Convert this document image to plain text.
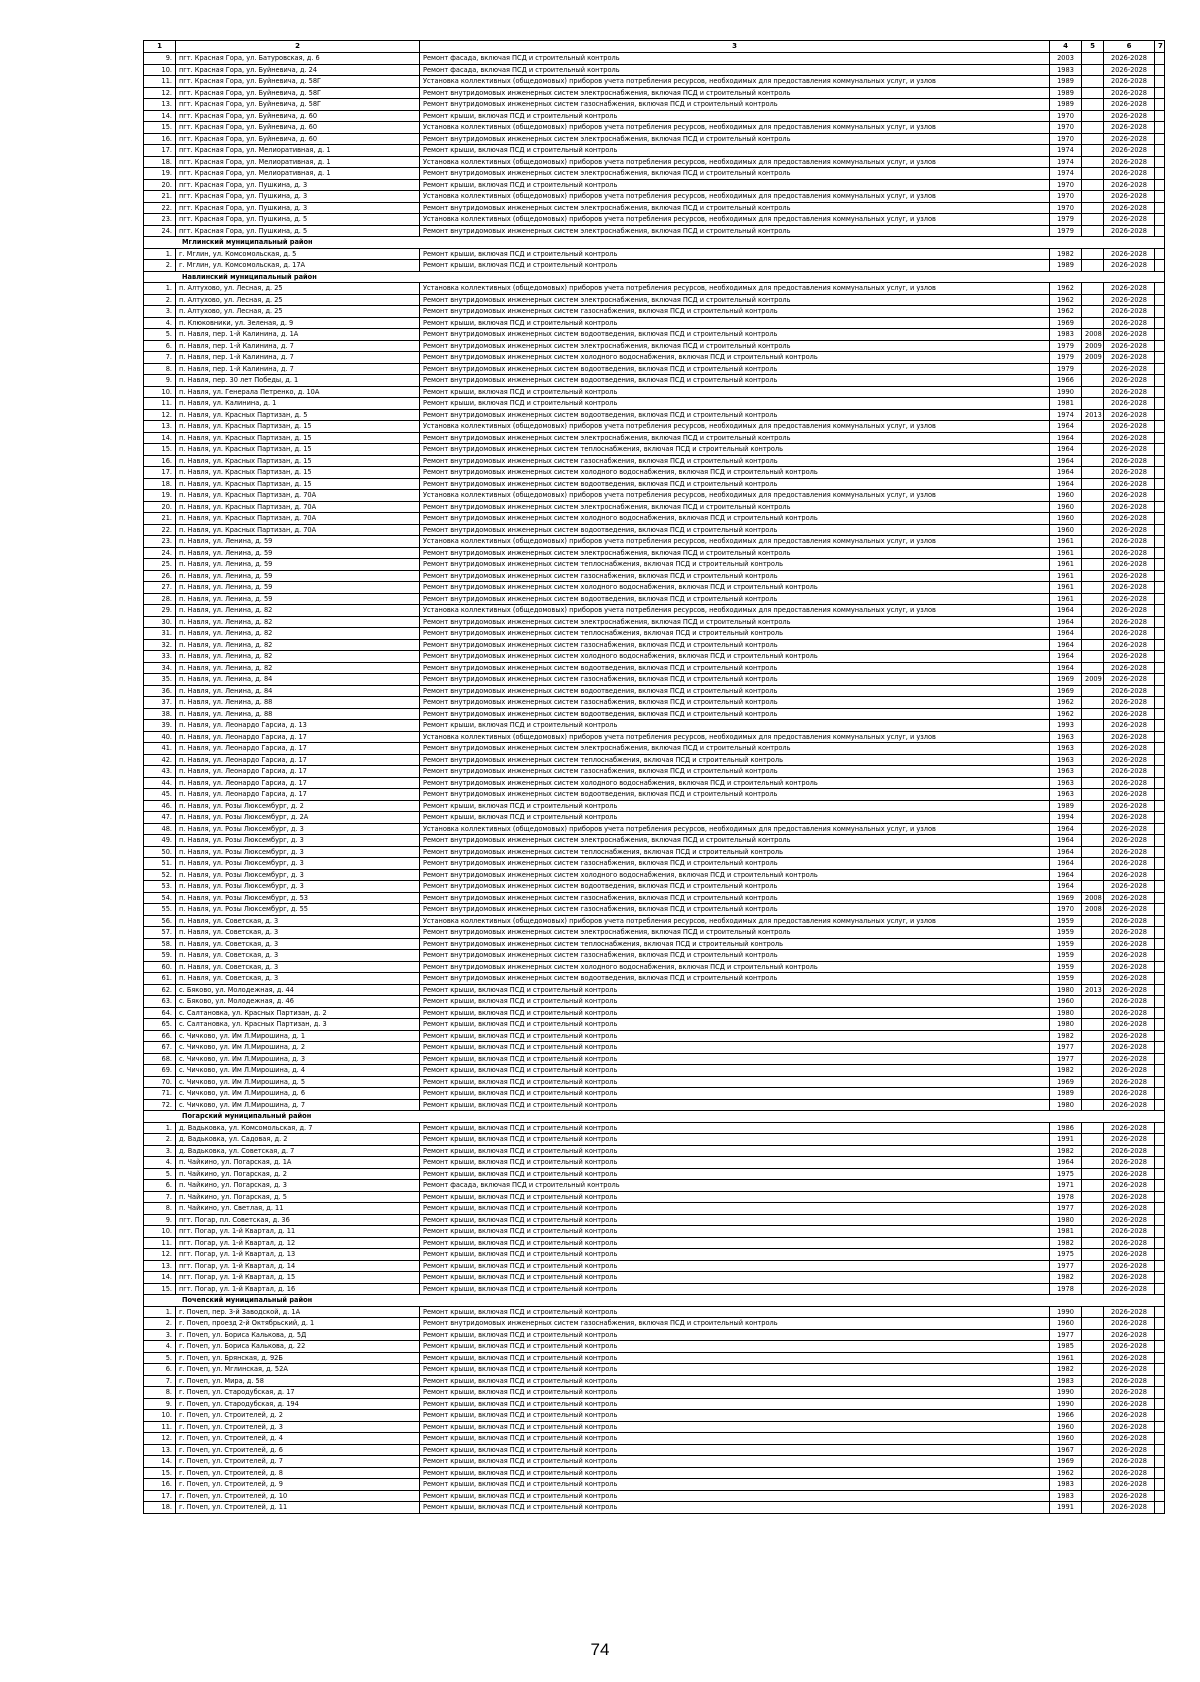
1	2	3	4	5	6	7
9.	пгт. Красная Гора, ул. Батуровская, д. 6	Ремонт фасада, включая ПСД и строительный контроль	2003		2026-2028	
10.	пгт. Красная Гора, ул. Буйневича, д. 24	Ремонт фасада, включая ПСД и строительный контроль	1983		2026-2028	
11.	пгт. Красная Гора, ул. Буйневича, д. 58Г	Установка коллективных (общедомовых) приборов учета потребления ресурсов, необходимых для предоставления коммунальных услуг, и узлов	1989		2026-2028	
12.	пгт. Красная Гора, ул. Буйневича, д. 58Г	Ремонт внутридомовых инженерных систем электроснабжения, включая ПСД и строительный контроль	1989		2026-2028	
13.	пгт. Красная Гора, ул. Буйневича, д. 58Г	Ремонт внутридомовых инженерных систем газоснабжения, включая ПСД и строительный контроль	1989		2026-2028	
14.	пгт. Красная Гора, ул. Буйневича, д. 60	Ремонт крыши, включая ПСД и строительный контроль	1970		2026-2028	
15.	пгт. Красная Гора, ул. Буйневича, д. 60	Установка коллективных (общедомовых) приборов учета потребления ресурсов, необходимых для предоставления коммунальных услуг, и узлов	1970		2026-2028	
16.	пгт. Красная Гора, ул. Буйневича, д. 60	Ремонт внутридомовых инженерных систем электроснабжения, включая ПСД и строительный контроль	1970		2026-2028	
17.	пгт. Красная Гора, ул. Мелиоративная, д. 1	Ремонт крыши, включая ПСД и строительный контроль	1974		2026-2028	
18.	пгт. Красная Гора, ул. Мелиоративная, д. 1	Установка коллективных (общедомовых) приборов учета потребления ресурсов, необходимых для предоставления коммунальных услуг, и узлов	1974		2026-2028	
19.	пгт. Красная Гора, ул. Мелиоративная, д. 1	Ремонт внутридомовых инженерных систем электроснабжения, включая ПСД и строительный контроль	1974		2026-2028	
20.	пгт. Красная Гора, ул. Пушкина, д. 3	Ремонт крыши, включая ПСД и строительный контроль	1970		2026-2028	
21.	пгт. Красная Гора, ул. Пушкина, д. 3	Установка коллективных (общедомовых) приборов учета потребления ресурсов, необходимых для предоставления коммунальных услуг, и узлов	1970		2026-2028	
22.	пгт. Красная Гора, ул. Пушкина, д. 3	Ремонт внутридомовых инженерных систем электроснабжения, включая ПСД и строительный контроль	1970		2026-2028	
23.	пгт. Красная Гора, ул. Пушкина, д. 5	Установка коллективных (общедомовых) приборов учета потребления ресурсов, необходимых для предоставления коммунальных услуг, и узлов	1979		2026-2028	
24.	пгт. Красная Гора, ул. Пушкина, д. 5	Ремонт внутридомовых инженерных систем электроснабжения, включая ПСД и строительный контроль	1979		2026-2028	
Мглинский муниципальный район						
1.	г. Мглин, ул. Комсомольская, д. 5	Ремонт крыши, включая ПСД и строительный контроль	1982		2026-2028	
2.	г. Мглин, ул. Комсомольская, д. 17А	Ремонт крыши, включая ПСД и строительный контроль	1989		2026-2028	
Навлинский муниципальный район						
1.	п. Алтухово, ул. Лесная, д. 25	Установка коллективных (общедомовых) приборов учета потребления ресурсов, необходимых для предоставления коммунальных услуг, и узлов	1962		2026-2028	
2.	п. Алтухово, ул. Лесная, д. 25	Ремонт внутридомовых инженерных систем электроснабжения, включая ПСД и строительный контроль	1962		2026-2028	
3.	п. Алтухово, ул. Лесная, д. 25	Ремонт внутридомовых инженерных систем газоснабжения, включая ПСД и строительный контроль	1962		2026-2028	
4.	п. Клюковники, ул. Зеленая, д. 9	Ремонт крыши, включая ПСД и строительный контроль	1969		2026-2028	
5.	п. Навля, пер. 1-й Калинина, д. 1А	Ремонт внутридомовых инженерных систем водоотведения, включая ПСД и строительный контроль	1983	2008	2026-2028	
6.	п. Навля, пер. 1-й Калинина, д. 7	Ремонт внутридомовых инженерных систем электроснабжения, включая ПСД и строительный контроль	1979	2009	2026-2028	
7.	п. Навля, пер. 1-й Калинина, д. 7	Ремонт внутридомовых инженерных систем холодного водоснабжения, включая ПСД и строительный контроль	1979	2009	2026-2028	
8.	п. Навля, пер. 1-й Калинина, д. 7	Ремонт внутридомовых инженерных систем водоотведения, включая ПСД и строительный контроль	1979		2026-2028	
9.	п. Навля, пер. 30 лет Победы, д. 1	Ремонт внутридомовых инженерных систем водоотведения, включая ПСД и строительный контроль	1966		2026-2028	
10.	п. Навля, ул. Генерала Петренко, д. 10А	Ремонт крыши, включая ПСД и строительный контроль	1990		2026-2028	
11.	п. Навля, ул. Калинина, д. 1	Ремонт крыши, включая ПСД и строительный контроль	1981		2026-2028	
12.	п. Навля, ул. Красных Партизан, д. 5	Ремонт внутридомовых инженерных систем водоотведения, включая ПСД и строительный контроль	1974	2013	2026-2028	
13.	п. Навля, ул. Красных Партизан, д. 15	Установка коллективных (общедомовых) приборов учета потребления ресурсов, необходимых для предоставления коммунальных услуг, и узлов	1964		2026-2028	
14.	п. Навля, ул. Красных Партизан, д. 15	Ремонт внутридомовых инженерных систем электроснабжения, включая ПСД и строительный контроль	1964		2026-2028	
15.	п. Навля, ул. Красных Партизан, д. 15	Ремонт внутридомовых инженерных систем теплоснабжения, включая ПСД и строительный контроль	1964		2026-2028	
16.	п. Навля, ул. Красных Партизан, д. 15	Ремонт внутридомовых инженерных систем газоснабжения, включая ПСД и строительный контроль	1964		2026-2028	
17.	п. Навля, ул. Красных Партизан, д. 15	Ремонт внутридомовых инженерных систем холодного водоснабжения, включая ПСД и строительный контроль	1964		2026-2028	
18.	п. Навля, ул. Красных Партизан, д. 15	Ремонт внутридомовых инженерных систем водоотведения, включая ПСД и строительный контроль	1964		2026-2028	
19.	п. Навля, ул. Красных Партизан, д. 70А	Установка коллективных (общедомовых) приборов учета потребления ресурсов, необходимых для предоставления коммунальных услуг, и узлов	1960		2026-2028	
20.	п. Навля, ул. Красных Партизан, д. 70А	Ремонт внутридомовых инженерных систем электроснабжения, включая ПСД и строительный контроль	1960		2026-2028	
21.	п. Навля, ул. Красных Партизан, д. 70А	Ремонт внутридомовых инженерных систем холодного водоснабжения, включая ПСД и строительный контроль	1960		2026-2028	
22.	п. Навля, ул. Красных Партизан, д. 70А	Ремонт внутридомовых инженерных систем водоотведения, включая ПСД и строительный контроль	1960		2026-2028	
23.	п. Навля, ул. Ленина, д. 59	Установка коллективных (общедомовых) приборов учета потребления ресурсов, необходимых для предоставления коммунальных услуг, и узлов	1961		2026-2028	
24.	п. Навля, ул. Ленина, д. 59	Ремонт внутридомовых инженерных систем электроснабжения, включая ПСД и строительный контроль	1961		2026-2028	
25.	п. Навля, ул. Ленина, д. 59	Ремонт внутридомовых инженерных систем теплоснабжения, включая ПСД и строительный контроль	1961		2026-2028	
26.	п. Навля, ул. Ленина, д. 59	Ремонт внутридомовых инженерных систем газоснабжения, включая ПСД и строительный контроль	1961		2026-2028	
27.	п. Навля, ул. Ленина, д. 59	Ремонт внутридомовых инженерных систем холодного водоснабжения, включая ПСД и строительный контроль	1961		2026-2028	
28.	п. Навля, ул. Ленина, д. 59	Ремонт внутридомовых инженерных систем водоотведения, включая ПСД и строительный контроль	1961		2026-2028	
29.	п. Навля, ул. Ленина, д. 82	Установка коллективных (общедомовых) приборов учета потребления ресурсов, необходимых для предоставления коммунальных услуг, и узлов	1964		2026-2028	
30.	п. Навля, ул. Ленина, д. 82	Ремонт внутридомовых инженерных систем электроснабжения, включая ПСД и строительный контроль	1964		2026-2028	
31.	п. Навля, ул. Ленина, д. 82	Ремонт внутридомовых инженерных систем теплоснабжения, включая ПСД и строительный контроль	1964		2026-2028	
32.	п. Навля, ул. Ленина, д. 82	Ремонт внутридомовых инженерных систем газоснабжения, включая ПСД и строительный контроль	1964		2026-2028	
33.	п. Навля, ул. Ленина, д. 82	Ремонт внутридомовых инженерных систем холодного водоснабжения, включая ПСД и строительный контроль	1964		2026-2028	
34.	п. Навля, ул. Ленина, д. 82	Ремонт внутридомовых инженерных систем водоотведения, включая ПСД и строительный контроль	1964		2026-2028	
35.	п. Навля, ул. Ленина, д. 84	Ремонт внутридомовых инженерных систем газоснабжения, включая ПСД и строительный контроль	1969	2009	2026-2028	
36.	п. Навля, ул. Ленина, д. 84	Ремонт внутридомовых инженерных систем водоотведения, включая ПСД и строительный контроль	1969		2026-2028	
37.	п. Навля, ул. Ленина, д. 88	Ремонт внутридомовых инженерных систем газоснабжения, включая ПСД и строительный контроль	1962		2026-2028	
38.	п. Навля, ул. Ленина, д. 88	Ремонт внутридомовых инженерных систем водоотведения, включая ПСД и строительный контроль	1962		2026-2028	
39.	п. Навля, ул. Леонардо Гарсиа, д. 13	Ремонт крыши, включая ПСД и строительный контроль	1993		2026-2028	
40.	п. Навля, ул. Леонардо Гарсиа, д. 17	Установка коллективных (общедомовых) приборов учета потребления ресурсов, необходимых для предоставления коммунальных услуг, и узлов	1963		2026-2028	
41.	п. Навля, ул. Леонардо Гарсиа, д. 17	Ремонт внутридомовых инженерных систем электроснабжения, включая ПСД и строительный контроль	1963		2026-2028	
42.	п. Навля, ул. Леонардо Гарсиа, д. 17	Ремонт внутридомовых инженерных систем теплоснабжения, включая ПСД и строительный контроль	1963		2026-2028	
43.	п. Навля, ул. Леонардо Гарсиа, д. 17	Ремонт внутридомовых инженерных систем газоснабжения, включая ПСД и строительный контроль	1963		2026-2028	
44.	п. Навля, ул. Леонардо Гарсиа, д. 17	Ремонт внутридомовых инженерных систем холодного водоснабжения, включая ПСД и строительный контроль	1963		2026-2028	
45.	п. Навля, ул. Леонардо Гарсиа, д. 17	Ремонт внутридомовых инженерных систем водоотведения, включая ПСД и строительный контроль	1963		2026-2028	
46.	п. Навля, ул. Розы Люксембург, д. 2	Ремонт крыши, включая ПСД и строительный контроль	1989		2026-2028	
47.	п. Навля, ул. Розы Люксембург, д. 2А	Ремонт крыши, включая ПСД и строительный контроль	1994		2026-2028	
48.	п. Навля, ул. Розы Люксембург, д. 3	Установка коллективных (общедомовых) приборов учета потребления ресурсов, необходимых для предоставления коммунальных услуг, и узлов	1964		2026-2028	
49.	п. Навля, ул. Розы Люксембург, д. 3	Ремонт внутридомовых инженерных систем электроснабжения, включая ПСД и строительный контроль	1964		2026-2028	
50.	п. Навля, ул. Розы Люксембург, д. 3	Ремонт внутридомовых инженерных систем теплоснабжения, включая ПСД и строительный контроль	1964		2026-2028	
51.	п. Навля, ул. Розы Люксембург, д. 3	Ремонт внутридомовых инженерных систем газоснабжения, включая ПСД и строительный контроль	1964		2026-2028	
52.	п. Навля, ул. Розы Люксембург, д. 3	Ремонт внутридомовых инженерных систем холодного водоснабжения, включая ПСД и строительный контроль	1964		2026-2028	
53.	п. Навля, ул. Розы Люксембург, д. 3	Ремонт внутридомовых инженерных систем водоотведения, включая ПСД и строительный контроль	1964		2026-2028	
54.	п. Навля, ул. Розы Люксембург, д. 53	Ремонт внутридомовых инженерных систем газоснабжения, включая ПСД и строительный контроль	1969	2008	2026-2028	
55.	п. Навля, ул. Розы Люксембург, д. 55	Ремонт внутридомовых инженерных систем газоснабжения, включая ПСД и строительный контроль	1970	2008	2026-2028	
56.	п. Навля, ул. Советская, д. 3	Установка коллективных (общедомовых) приборов учета потребления ресурсов, необходимых для предоставления коммунальных услуг, и узлов	1959		2026-2028	
57.	п. Навля, ул. Советская, д. 3	Ремонт внутридомовых инженерных систем электроснабжения, включая ПСД и строительный контроль	1959		2026-2028	
58.	п. Навля, ул. Советская, д. 3	Ремонт внутридомовых инженерных систем теплоснабжения, включая ПСД и строительный контроль	1959		2026-2028	
59.	п. Навля, ул. Советская, д. 3	Ремонт внутридомовых инженерных систем газоснабжения, включая ПСД и строительный контроль	1959		2026-2028	
60.	п. Навля, ул. Советская, д. 3	Ремонт внутридомовых инженерных систем холодного водоснабжения, включая ПСД и строительный контроль	1959		2026-2028	
61.	п. Навля, ул. Советская, д. 3	Ремонт внутридомовых инженерных систем водоотведения, включая ПСД и строительный контроль	1959		2026-2028	
62.	с. Бяково, ул. Молодежная, д. 44	Ремонт крыши, включая ПСД и строительный контроль	1980	2013	2026-2028	
63.	с. Бяково, ул. Молодежная, д. 46	Ремонт крыши, включая ПСД и строительный контроль	1960		2026-2028	
64.	с. Салтановка, ул. Красных Партизан, д. 2	Ремонт крыши, включая ПСД и строительный контроль	1980		2026-2028	
65.	с. Салтановка, ул. Красных Партизан, д. 3	Ремонт крыши, включая ПСД и строительный контроль	1980		2026-2028	
66.	с. Чичково, ул. Им Л.Мирошина, д. 1	Ремонт крыши, включая ПСД и строительный контроль	1982		2026-2028	
67.	с. Чичково, ул. Им Л.Мирошина, д. 2	Ремонт крыши, включая ПСД и строительный контроль	1977		2026-2028	
68.	с. Чичково, ул. Им Л.Мирошина, д. 3	Ремонт крыши, включая ПСД и строительный контроль	1977		2026-2028	
69.	с. Чичково, ул. Им Л.Мирошина, д. 4	Ремонт крыши, включая ПСД и строительный контроль	1982		2026-2028	
70.	с. Чичково, ул. Им Л.Мирошина, д. 5	Ремонт крыши, включая ПСД и строительный контроль	1969		2026-2028	
71.	с. Чичково, ул. Им Л.Мирошина, д. 6	Ремонт крыши, включая ПСД и строительный контроль	1989		2026-2028	
72.	с. Чичково, ул. Им Л.Мирошина, д. 7	Ремонт крыши, включая ПСД и строительный контроль	1980		2026-2028	
Погарский муниципальный район						
1.	д. Вадьковка, ул. Комсомольская, д. 7	Ремонт крыши, включая ПСД и строительный контроль	1986		2026-2028	
2.	д. Вадьковка, ул. Садовая, д. 2	Ремонт крыши, включая ПСД и строительный контроль	1991		2026-2028	
3.	д. Вадьковка, ул. Советская, д. 7	Ремонт крыши, включая ПСД и строительный контроль	1982		2026-2028	
4.	п. Чайкино, ул. Погарская, д. 1А	Ремонт крыши, включая ПСД и строительный контроль	1964		2026-2028	
5.	п. Чайкино, ул. Погарская, д. 2	Ремонт крыши, включая ПСД и строительный контроль	1975		2026-2028	
6.	п. Чайкино, ул. Погарская, д. 3	Ремонт фасада, включая ПСД и строительный контроль	1971		2026-2028	
7.	п. Чайкино, ул. Погарская, д. 5	Ремонт крыши, включая ПСД и строительный контроль	1978		2026-2028	
8.	п. Чайкино, ул. Светлая, д. 11	Ремонт крыши, включая ПСД и строительный контроль	1977		2026-2028	
9.	пгт. Погар, пл. Советская, д. 36	Ремонт крыши, включая ПСД и строительный контроль	1980		2026-2028	
10.	пгт. Погар, ул. 1-й Квартал, д. 11	Ремонт крыши, включая ПСД и строительный контроль	1981		2026-2028	
11.	пгт. Погар, ул. 1-й Квартал, д. 12	Ремонт крыши, включая ПСД и строительный контроль	1982		2026-2028	
12.	пгт. Погар, ул. 1-й Квартал, д. 13	Ремонт крыши, включая ПСД и строительный контроль	1975		2026-2028	
13.	пгт. Погар, ул. 1-й Квартал, д. 14	Ремонт крыши, включая ПСД и строительный контроль	1977		2026-2028	
14.	пгт. Погар, ул. 1-й Квартал, д. 15	Ремонт крыши, включая ПСД и строительный контроль	1982		2026-2028	
15.	пгт. Погар, ул. 1-й Квартал, д. 16	Ремонт крыши, включая ПСД и строительный контроль	1978		2026-2028	
Почепский муниципальный район						
1.	г. Почеп, пер. 3-й Заводской, д. 1А	Ремонт крыши, включая ПСД и строительный контроль	1990		2026-2028	
2.	г. Почеп, проезд 2-й Октябрьский, д. 1	Ремонт внутридомовых инженерных систем газоснабжения, включая ПСД и строительный контроль	1960		2026-2028	
3.	г. Почеп, ул. Бориса Калькова, д. 5Д	Ремонт крыши, включая ПСД и строительный контроль	1977		2026-2028	
4.	г. Почеп, ул. Бориса Калькова, д. 22	Ремонт крыши, включая ПСД и строительный контроль	1985		2026-2028	
5.	г. Почеп, ул. Брянская, д. 92Б	Ремонт крыши, включая ПСД и строительный контроль	1961		2026-2028	
6.	г. Почеп, ул. Мглинская, д. 52А	Ремонт крыши, включая ПСД и строительный контроль	1982		2026-2028	
7.	г. Почеп, ул. Мира, д. 58	Ремонт крыши, включая ПСД и строительный контроль	1983		2026-2028	
8.	г. Почеп, ул. Стародубская, д. 17	Ремонт крыши, включая ПСД и строительный контроль	1990		2026-2028	
9.	г. Почеп, ул. Стародубская, д. 194	Ремонт крыши, включая ПСД и строительный контроль	1990		2026-2028	
10.	г. Почеп, ул. Строителей, д. 2	Ремонт крыши, включая ПСД и строительный контроль	1966		2026-2028	
11.	г. Почеп, ул. Строителей, д. 3	Ремонт крыши, включая ПСД и строительный контроль	1960		2026-2028	
12.	г. Почеп, ул. Строителей, д. 4	Ремонт крыши, включая ПСД и строительный контроль	1960		2026-2028	
13.	г. Почеп, ул. Строителей, д. 6	Ремонт крыши, включая ПСД и строительный контроль	1967		2026-2028	
14.	г. Почеп, ул. Строителей, д. 7	Ремонт крыши, включая ПСД и строительный контроль	1969		2026-2028	
15.	г. Почеп, ул. Строителей, д. 8	Ремонт крыши, включая ПСД и строительный контроль	1962		2026-2028	
16.	г. Почеп, ул. Строителей, д. 9	Ремонт крыши, включая ПСД и строительный контроль	1983		2026-2028	
17.	г. Почеп, ул. Строителей, д. 10	Ремонт крыши, включая ПСД и строительный контроль	1983		2026-2028	
18.	г. Почеп, ул. Строителей, д. 11	Ремонт крыши, включая ПСД и строительный контроль	1991		2026-2028	
74
